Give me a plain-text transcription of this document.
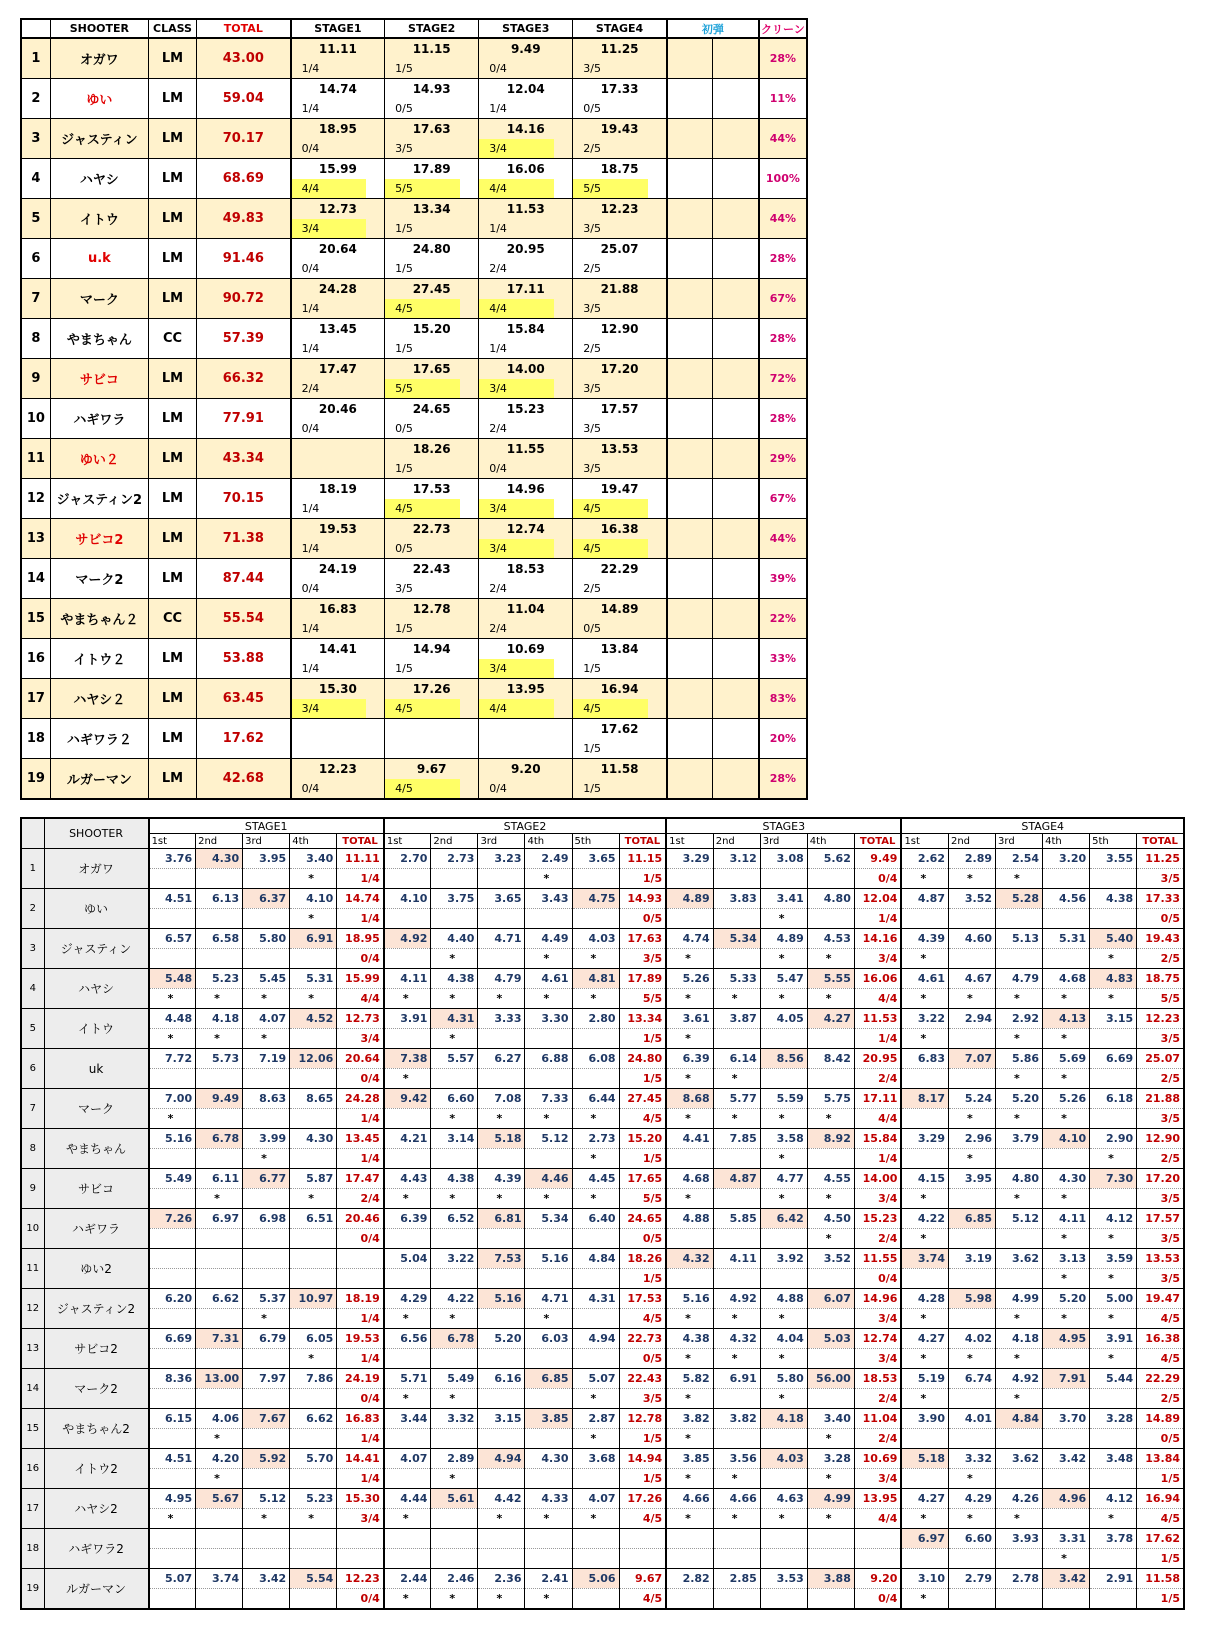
	SHOOTER	CLASS	TOTAL	STAGE1		STAGE2		STAGE3		STAGE4		初弾		クリーン
1	オガワ	LM	43.00	11.11		11.15		9.49		11.25				28%
				1/4		1/5		0/4		3/5				
2	ゆい	LM	59.04	14.74		14.93		12.04		17.33				11%
				1/4		0/5		1/4		0/5				
3	ジャスティン	LM	70.17	18.95		17.63		14.16		19.43				44%
				0/4		3/5		3/4		2/5				
4	ハヤシ	LM	68.69	15.99		17.89		16.06		18.75				100%
				4/4		5/5		4/4		5/5				
5	イトウ	LM	49.83	12.73		13.34		11.53		12.23				44%
				3/4		1/5		1/4		3/5				
6	u.k	LM	91.46	20.64		24.80		20.95		25.07				28%
				0/4		1/5		2/4		2/5				
7	マーク	LM	90.72	24.28		27.45		17.11		21.88				67%
				1/4		4/5		4/4		3/5				
8	やまちゃん	CC	57.39	13.45		15.20		15.84		12.90				28%
				1/4		1/5		1/4		2/5				
9	サビコ	LM	66.32	17.47		17.65		14.00		17.20				72%
				2/4		5/5		3/4		3/5				
10	ハギワラ	LM	77.91	20.46		24.65		15.23		17.57				28%
				0/4		0/5		2/4		3/5				
11	ゆい２	LM	43.34			18.26		11.55		13.53				29%
						1/5		0/4		3/5				
12	ジャスティン2	LM	70.15	18.19		17.53		14.96		19.47				67%
				1/4		4/5		3/4		4/5				
13	サビコ2	LM	71.38	19.53		22.73		12.74		16.38				44%
				1/4		0/5		3/4		4/5				
14	マーク2	LM	87.44	24.19		22.43		18.53		22.29				39%
				0/4		3/5		2/4		2/5				
15	やまちゃん２	CC	55.54	16.83		12.78		11.04		14.89				22%
				1/4		1/5		2/4		0/5				
16	イトウ２	LM	53.88	14.41		14.94		10.69		13.84				33%
				1/4		1/5		3/4		1/5				
17	ハヤシ２	LM	63.45	15.30		17.26		13.95		16.94				83%
				3/4		4/5		4/4		4/5				
18	ハギワラ２	LM	17.62							17.62				20%
										1/5				
19	ルガーマン	LM	42.68	12.23		9.67		9.20		11.58				28%
				0/4		4/5		0/4		1/5				
	SHOOTER	STAGE1					STAGE2						STAGE3					STAGE4					
		1st	2nd	3rd	4th	TOTAL	1st	2nd	3rd	4th	5th	TOTAL	1st	2nd	3rd	4th	TOTAL	1st	2nd	3rd	4th	5th	TOTAL
1	オガワ	3.76	4.30	3.95	3.40	11.11	2.70	2.73	3.23	2.49	3.65	11.15	3.29	3.12	3.08	5.62	9.49	2.62	2.89	2.54	3.20	3.55	11.25
					*	1/4				*		1/5					0/4	*	*	*			3/5
2	ゆい	4.51	6.13	6.37	4.10	14.74	4.10	3.75	3.65	3.43	4.75	14.93	4.89	3.83	3.41	4.80	12.04	4.87	3.52	5.28	4.56	4.38	17.33
					*	1/4						0/5			*		1/4						0/5
3	ジャスティン	6.57	6.58	5.80	6.91	18.95	4.92	4.40	4.71	4.49	4.03	17.63	4.74	5.34	4.89	4.53	14.16	4.39	4.60	5.13	5.31	5.40	19.43
						0/4		*		*	*	3/5	*		*	*	3/4	*				*	2/5
4	ハヤシ	5.48	5.23	5.45	5.31	15.99	4.11	4.38	4.79	4.61	4.81	17.89	5.26	5.33	5.47	5.55	16.06	4.61	4.67	4.79	4.68	4.83	18.75
		*	*	*	*	4/4	*	*	*	*	*	5/5	*	*	*	*	4/4	*	*	*	*	*	5/5
5	イトウ	4.48	4.18	4.07	4.52	12.73	3.91	4.31	3.33	3.30	2.80	13.34	3.61	3.87	4.05	4.27	11.53	3.22	2.94	2.92	4.13	3.15	12.23
		*	*	*		3/4		*				1/5	*				1/4	*		*	*		3/5
6	uk	7.72	5.73	7.19	12.06	20.64	7.38	5.57	6.27	6.88	6.08	24.80	6.39	6.14	8.56	8.42	20.95	6.83	7.07	5.86	5.69	6.69	25.07
						0/4	*					1/5	*	*			2/4			*	*		2/5
7	マーク	7.00	9.49	8.63	8.65	24.28	9.42	6.60	7.08	7.33	6.44	27.45	8.68	5.77	5.59	5.75	17.11	8.17	5.24	5.20	5.26	6.18	21.88
		*				1/4		*	*	*	*	4/5	*	*	*	*	4/4		*	*	*		3/5
8	やまちゃん	5.16	6.78	3.99	4.30	13.45	4.21	3.14	5.18	5.12	2.73	15.20	4.41	7.85	3.58	8.92	15.84	3.29	2.96	3.79	4.10	2.90	12.90
				*		1/4					*	1/5			*		1/4		*			*	2/5
9	サビコ	5.49	6.11	6.77	5.87	17.47	4.43	4.38	4.39	4.46	4.45	17.65	4.68	4.87	4.77	4.55	14.00	4.15	3.95	4.80	4.30	7.30	17.20
			*		*	2/4	*	*	*	*	*	5/5	*		*	*	3/4	*		*	*		3/5
10	ハギワラ	7.26	6.97	6.98	6.51	20.46	6.39	6.52	6.81	5.34	6.40	24.65	4.88	5.85	6.42	4.50	15.23	4.22	6.85	5.12	4.11	4.12	17.57
						0/4						0/5				*	2/4	*			*	*	3/5
11	ゆい2						5.04	3.22	7.53	5.16	4.84	18.26	4.32	4.11	3.92	3.52	11.55	3.74	3.19	3.62	3.13	3.59	13.53
												1/5					0/4				*	*	3/5
12	ジャスティン2	6.20	6.62	5.37	10.97	18.19	4.29	4.22	5.16	4.71	4.31	17.53	5.16	4.92	4.88	6.07	14.96	4.28	5.98	4.99	5.20	5.00	19.47
				*		1/4	*	*		*		4/5	*	*	*		3/4	*		*	*	*	4/5
13	サビコ2	6.69	7.31	6.79	6.05	19.53	6.56	6.78	5.20	6.03	4.94	22.73	4.38	4.32	4.04	5.03	12.74	4.27	4.02	4.18	4.95	3.91	16.38
					*	1/4						0/5	*	*	*		3/4	*	*	*		*	4/5
14	マーク2	8.36	13.00	7.97	7.86	24.19	5.71	5.49	6.16	6.85	5.07	22.43	5.82	6.91	5.80	56.00	18.53	5.19	6.74	4.92	7.91	5.44	22.29
						0/4	*	*			*	3/5	*		*		2/4	*		*			2/5
15	やまちゃん2	6.15	4.06	7.67	6.62	16.83	3.44	3.32	3.15	3.85	2.87	12.78	3.82	3.82	4.18	3.40	11.04	3.90	4.01	4.84	3.70	3.28	14.89
			*			1/4					*	1/5	*			*	2/4						0/5
16	イトウ2	4.51	4.20	5.92	5.70	14.41	4.07	2.89	4.94	4.30	3.68	14.94	3.85	3.56	4.03	3.28	10.69	5.18	3.32	3.62	3.42	3.48	13.84
			*			1/4		*				1/5	*	*		*	3/4		*				1/5
17	ハヤシ2	4.95	5.67	5.12	5.23	15.30	4.44	5.61	4.42	4.33	4.07	17.26	4.66	4.66	4.63	4.99	13.95	4.27	4.29	4.26	4.96	4.12	16.94
		*		*	*	3/4	*		*	*	*	4/5	*	*	*	*	4/4	*	*	*		*	4/5
18	ハギワラ2																	6.97	6.60	3.93	3.31	3.78	17.62
																					*		1/5
19	ルガーマン	5.07	3.74	3.42	5.54	12.23	2.44	2.46	2.36	2.41	5.06	9.67	2.82	2.85	3.53	3.88	9.20	3.10	2.79	2.78	3.42	2.91	11.58
						0/4	*	*	*	*		4/5					0/4	*					1/5
